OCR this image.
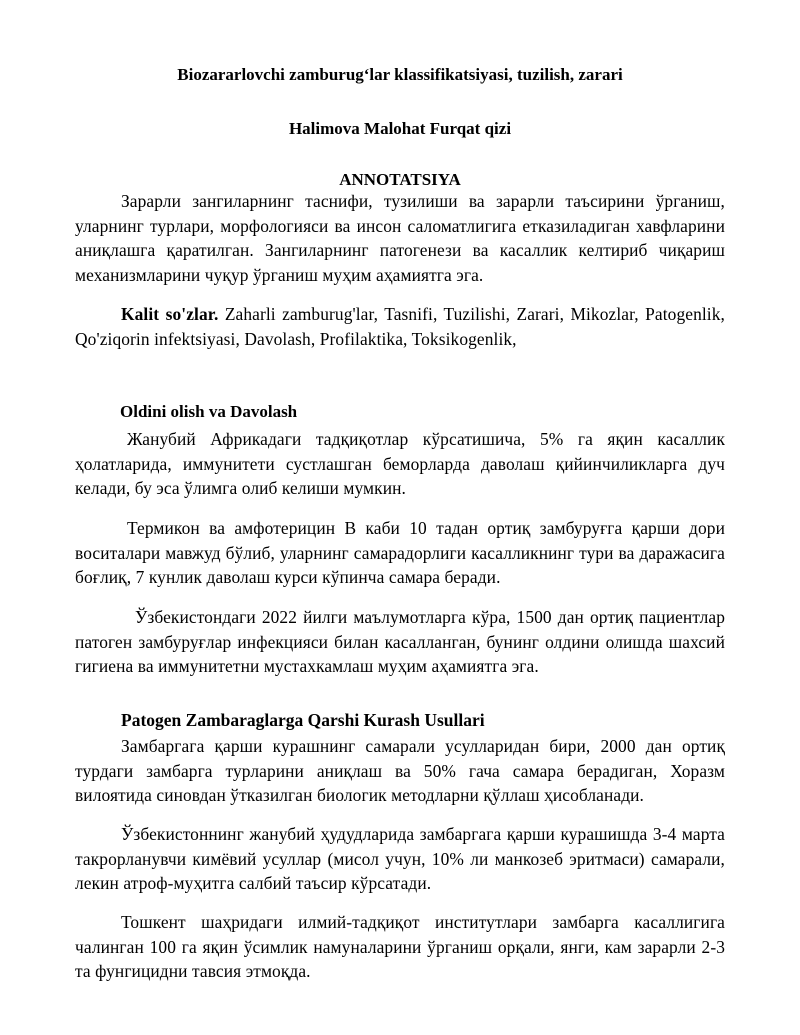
Biozararlovchi zamburug‘lar klassifikatsiyasi, tuzilish, zarari

Halimova Malohat Furqat qizi

ANNOTATSIYA

Зарарли зангиларнинг таснифи, тузилиши ва зарарли таъсирини ўрганиш, уларнинг турлари, морфологияси ва инсон саломатлигига етказиладиган хавфларини аниқлашга қаратилган. Зангиларнинг патогенези ва касаллик келтириб чиқариш механизмларини чуқур ўрганиш муҳим аҳамиятга эга.

Kalit so'zlar. Zaharli zamburug'lar, Tasnifi, Tuzilishi, Zarari, Mikozlar, Patogenlik, Qo'ziqorin infektsiyasi, Davolash, Profilaktika, Toksikogenlik,

Oldini olish va Davolash

Жанубий Африкадаги тадқиқотлар кўрсатишича, 5% га яқин касаллик ҳолатларида, иммунитети сустлашган беморларда даволаш қийинчиликларга дуч келади, бу эса ўлимга олиб келиши мумкин.

Термикон ва амфотерицин В каби 10 тадан ортиқ замбуруғга қарши дори воситалари мавжуд бўлиб, уларнинг самарадорлиги касалликнинг тури ва даражасига боғлиқ, 7 кунлик даволаш курси кўпинча самара беради.

Ўзбекистондаги 2022 йилги маълумотларга кўра, 1500 дан ортиқ пациентлар патоген замбуруғлар инфекцияси билан касалланган, бунинг олдини олишда шахсий гигиена ва иммунитетни мустахкамлаш муҳим аҳамиятга эга.

Patogen Zambaraglarga Qarshi Kurash Usullari

Замбаргага қарши курашнинг самарали усулларидан бири, 2000 дан ортиқ турдаги замбарга турларини аниқлаш ва 50% гача самара берадиган, Хоразм вилоятида синовдан ўтказилган биологик методларни қўллаш ҳисобланади.

Ўзбекистоннинг жанубий ҳудудларида замбаргага қарши курашишда 3-4 марта такрорланувчи кимёвий усуллар (мисол учун, 10% ли манкозеб эритмаси) самарали, лекин атроф-муҳитга салбий таъсир кўрсатади.

Тошкент шаҳридаги илмий-тадқиқот институтлари замбарга касаллигига чалинган 100 га яқин ўсимлик намуналарини ўрганиш орқали, янги, кам зарарли 2-3 та фунгицидни тавсия этмоқда.
